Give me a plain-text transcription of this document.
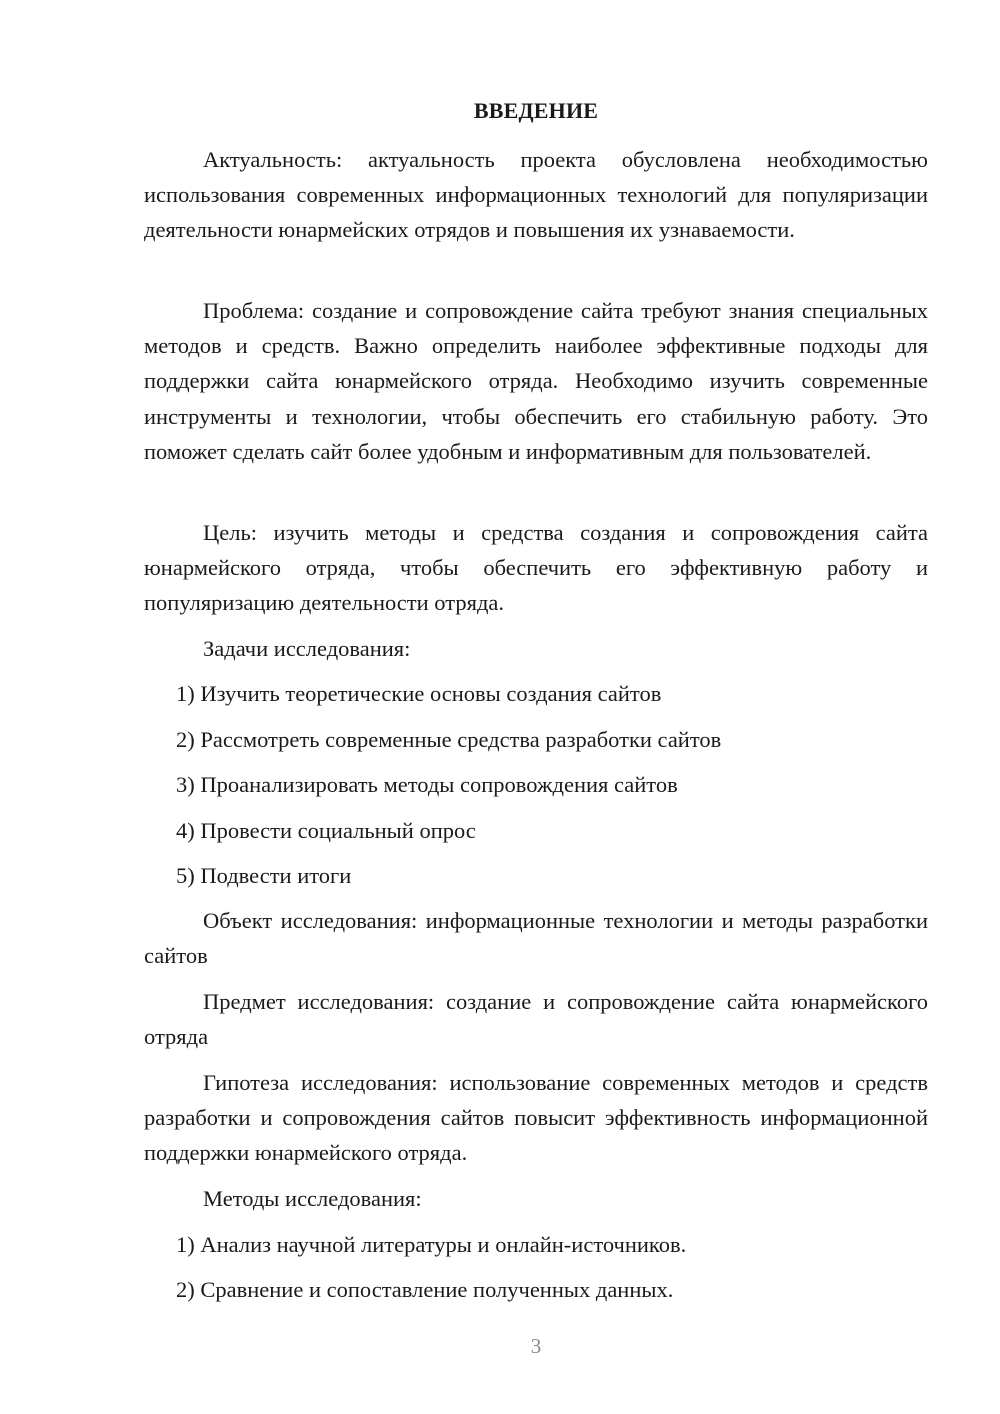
ВВЕДЕНИЕ

Актуальность: актуальность проекта обусловлена необходимостью использования современных информационных технологий для популяризации деятельности юнармейских отрядов и повышения их узнаваемости.

Проблема: создание и сопровождение сайта требуют знания специальных методов и средств. Важно определить наиболее эффективные подходы для поддержки сайта юнармейского отряда. Необходимо изучить современные инструменты и технологии, чтобы обеспечить его стабильную работу. Это поможет сделать сайт более удобным и информативным для пользователей.

Цель: изучить методы и средства создания и сопровождения сайта юнармейского отряда, чтобы обеспечить его эффективную работу и популяризацию деятельности отряда.

Задачи исследования:

1) Изучить теоретические основы создания сайтов
2) Рассмотреть современные средства разработки сайтов
3) Проанализировать методы сопровождения сайтов
4) Провести социальный опрос
5) Подвести итоги

Объект исследования: информационные технологии и методы разработки сайтов

Предмет исследования: создание и сопровождение сайта юнармейского отряда

Гипотеза исследования: использование современных методов и средств разработки и сопровождения сайтов повысит эффективность информационной поддержки юнармейского отряда.

Методы исследования:

1) Анализ научной литературы и онлайн-источников.
2) Сравнение и сопоставление полученных данных.
3
